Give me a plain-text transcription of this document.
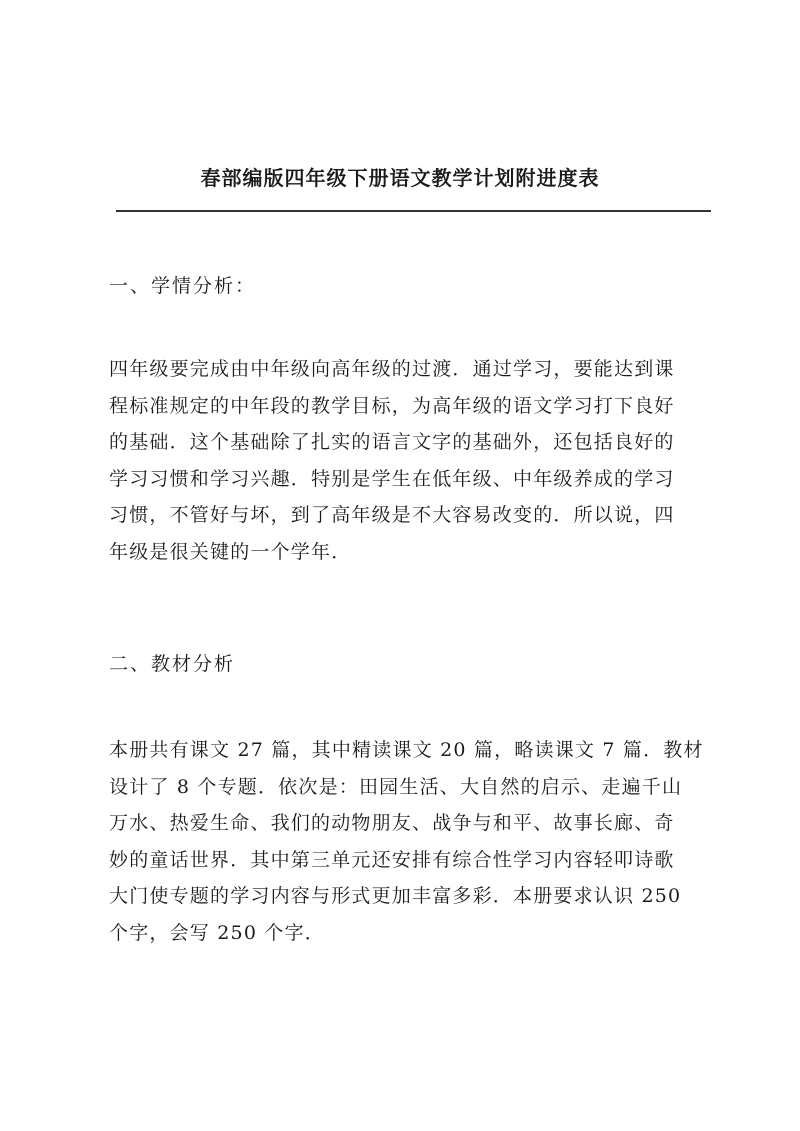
春部编版四年级下册语文教学计划附进度表
一、学情分析：
四年级要完成由中年级向高年级的过渡．通过学习，要能达到课
程标准规定的中年段的教学目标，为高年级的语文学习打下良好
的基础．这个基础除了扎实的语言文字的基础外，还包括良好的
学习习惯和学习兴趣．特别是学生在低年级、中年级养成的学习
习惯，不管好与坏，到了高年级是不大容易改变的．所以说，四
年级是很关键的一个学年．
二、教材分析
本册共有课文 27 篇，其中精读课文 20 篇，略读课文 7 篇．教材
设计了 8 个专题．依次是：田园生活、大自然的启示、走遍千山
万水、热爱生命、我们的动物朋友、战争与和平、故事长廊、奇
妙的童话世界．其中第三单元还安排有综合性学习内容轻叩诗歌
大门使专题的学习内容与形式更加丰富多彩．本册要求认识 250
个字，会写 250 个字．
